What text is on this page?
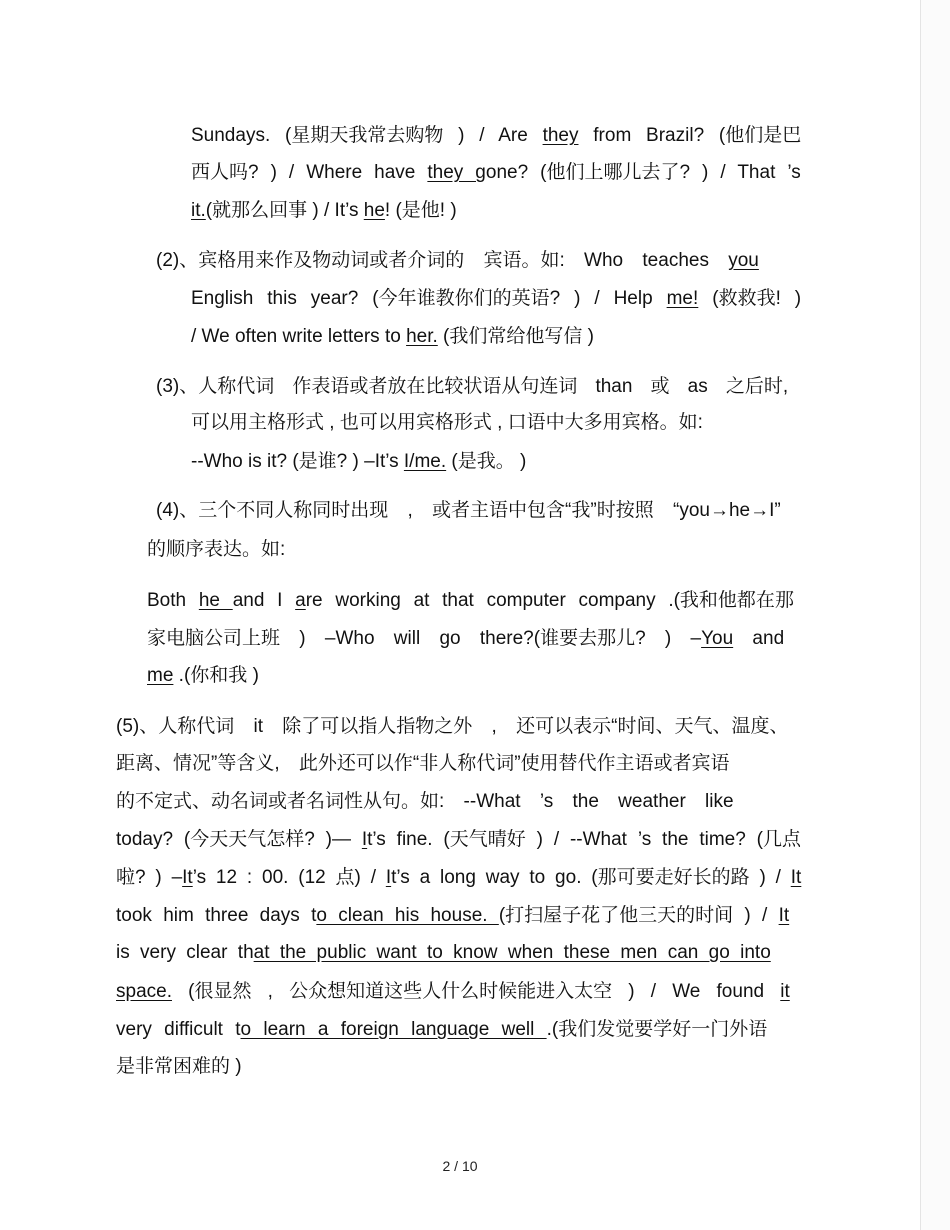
Sundays. (星期天我常去购物 ) / Are they from Brazil? (他们是巴
西人吗? ) / Where have they gone? (他们上哪儿去了? ) / That ’s
it.(就那么回事 ) / It’s he! (是他! )
(2)、宾格用来作及物动词或者介词的 宾语。如: Who teaches you
English this year? (今年谁教你们的英语? ) / Help me! (救救我! )
/ We often write letters to her. (我们常给他写信 )
(3)、人称代词 作表语或者放在比较状语从句连词 than 或 as 之后时,
可以用主格形式 , 也可以用宾格形式 , 口语中大多用宾格。如:
--Who is it? (是谁? ) –It’s I/me. (是我。 )
(4)、三个不同人称同时出现 , 或者主语中包含“我”时按照 “you→he→I”
的顺序表达。如:
Both he and I are working at that computer company .(我和他都在那
家电脑公司上班 ) –Who will go there?(谁要去那儿? ) –You and
me .(你和我 )
(5)、人称代词 it 除了可以指人指物之外 , 还可以表示“时间、天气、温度、
距离、情况”等含义, 此外还可以作“非人称代词”使用替代作主语或者宾语
的不定式、动名词或者名词性从句。如: --What ’s the weather like
today? (今天天气怎样? )— It’s fine. (天气晴好 ) / --What ’s the time? (几点
啦? ) –It’s 12 : 00. (12 点) / It’s a long way to go. (那可要走好长的路 ) / It
took him three days to clean his house. (打扫屋子花了他三天的时间 ) / It
is very clear that the public want to know when these men can go into
space. (很显然 , 公众想知道这些人什么时候能进入太空 ) / We found it
very difficult to learn a foreign language well .(我们发觉要学好一门外语
是非常困难的 )
2 / 10
